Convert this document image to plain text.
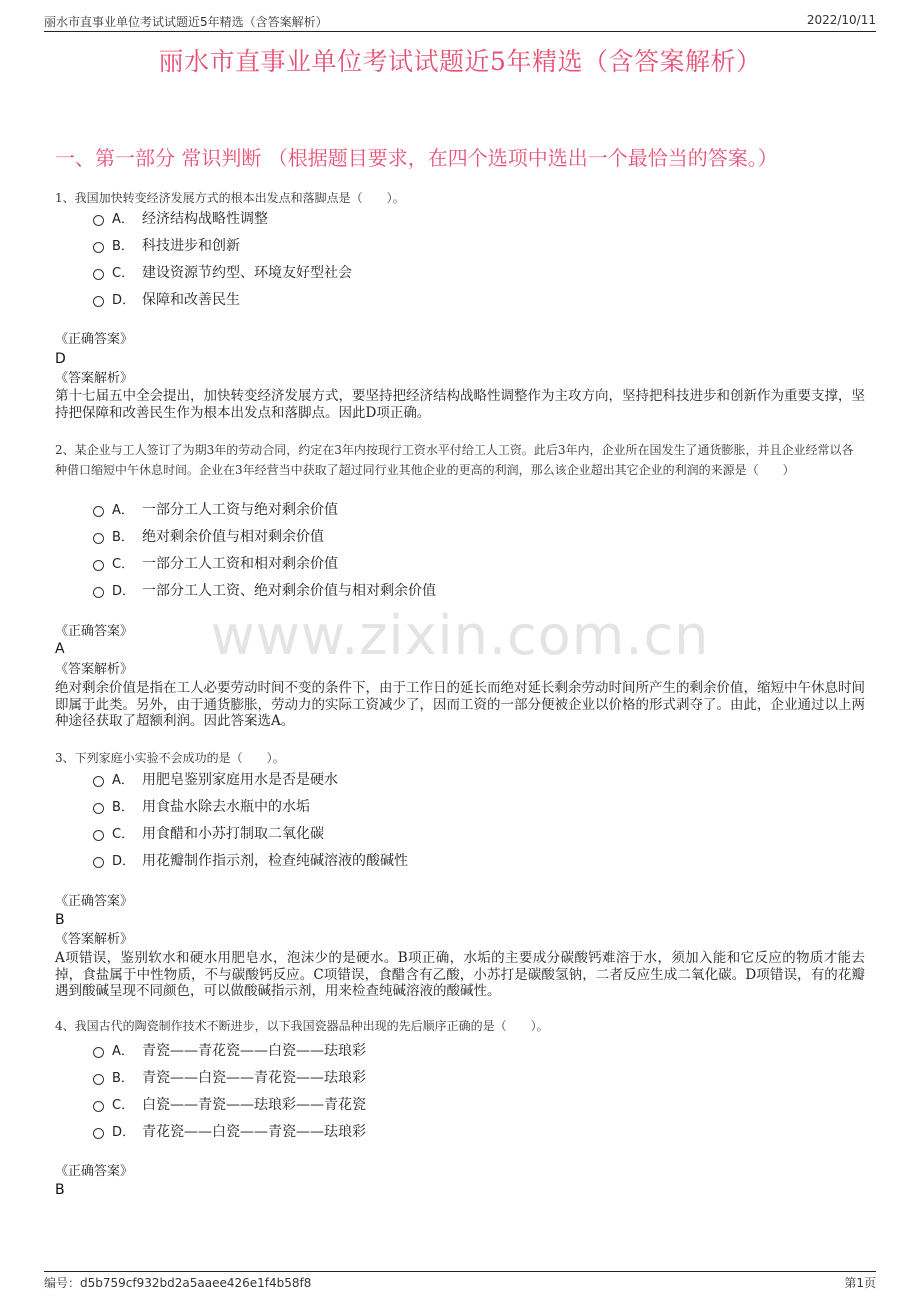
丽水市直事业单位考试试题近5年精选（含答案解析）	2022/10/11
丽水市直事业单位考试试题近5年精选（含答案解析）
一、第一部分 常识判断 （根据题目要求，在四个选项中选出一个最恰当的答案。）
www.zixin.com.cn
1、我国加快转变经济发展方式的根本出发点和落脚点是（　　）。
A． 经济结构战略性调整
B． 科技进步和创新
C． 建设资源节约型、环境友好型社会
D． 保障和改善民生
《正确答案》
D
《答案解析》
第十七届五中全会提出，加快转变经济发展方式，要坚持把经济结构战略性调整作为主攻方向，坚持把科技进步和创新作为重要支撑，坚持把保障和改善民生作为根本出发点和落脚点。因此D项正确。
2、某企业与工人签订了为期3年的劳动合同，约定在3年内按现行工资水平付给工人工资。此后3年内，企业所在国发生了通货膨胀，并且企业经常以各种借口缩短中午休息时间。企业在3年经营当中获取了超过同行业其他企业的更高的利润，那么该企业超出其它企业的利润的来源是（　　）
A． 一部分工人工资与绝对剩余价值
B． 绝对剩余价值与相对剩余价值
C． 一部分工人工资和相对剩余价值
D． 一部分工人工资、绝对剩余价值与相对剩余价值
《正确答案》
A
《答案解析》
绝对剩余价值是指在工人必要劳动时间不变的条件下，由于工作日的延长而绝对延长剩余劳动时间所产生的剩余价值，缩短中午休息时间即属于此类。另外，由于通货膨胀，劳动力的实际工资减少了，因而工资的一部分便被企业以价格的形式剥夺了。由此，企业通过以上两种途径获取了超额利润。因此答案选A。
3、下列家庭小实验不会成功的是（　　）。
A． 用肥皂鉴别家庭用水是否是硬水
B． 用食盐水除去水瓶中的水垢
C． 用食醋和小苏打制取二氧化碳
D． 用花瓣制作指示剂，检查纯碱溶液的酸碱性
《正确答案》
B
《答案解析》
A项错误，鉴别软水和硬水用肥皂水，泡沫少的是硬水。B项正确，水垢的主要成分碳酸钙难溶于水，须加入能和它反应的物质才能去掉，食盐属于中性物质，不与碳酸钙反应。C项错误，食醋含有乙酸，小苏打是碳酸氢钠，二者反应生成二氧化碳。D项错误，有的花瓣遇到酸碱呈现不同颜色，可以做酸碱指示剂，用来检查纯碱溶液的酸碱性。
4、我国古代的陶瓷制作技术不断进步，以下我国瓷器品种出现的先后顺序正确的是（　　）。
A． 青瓷——青花瓷——白瓷——珐琅彩
B． 青瓷——白瓷——青花瓷——珐琅彩
C． 白瓷——青瓷——珐琅彩——青花瓷
D． 青花瓷——白瓷——青瓷——珐琅彩
《正确答案》
B
编号：d5b759cf932bd2a5aaee426e1f4b58f8	第1页
